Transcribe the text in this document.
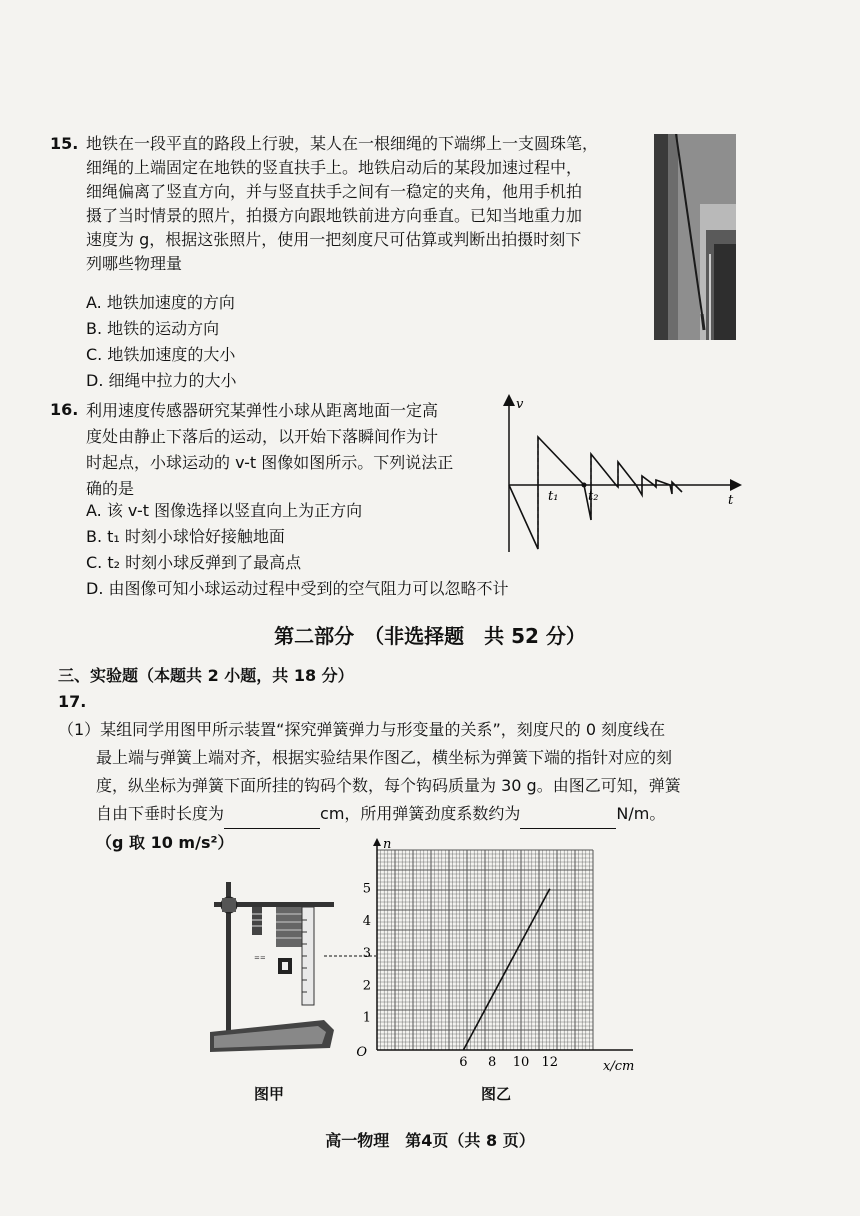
15. 地铁在一段平直的路段上行驶，某人在一根细绳的下端绑上一支圆珠笔，
细绳的上端固定在地铁的竖直扶手上。地铁启动后的某段加速过程中，
细绳偏离了竖直方向，并与竖直扶手之间有一稳定的夹角，他用手机拍
摄了当时情景的照片，拍摄方向跟地铁前进方向垂直。已知当地重力加
速度为 g，根据这张照片，使用一把刻度尺可估算或判断出拍摄时刻下
列哪些物理量
A. 地铁加速度的方向
B. 地铁的运动方向
C. 地铁加速度的大小
D. 细绳中拉力的大小
16. 利用速度传感器研究某弹性小球从距离地面一定高
度处由静止下落后的运动，以开始下落瞬间作为计
时起点，小球运动的 v-t 图像如图所示。下列说法正
确的是
A. 该 v-t 图像选择以竖直向上为正方向
B. t₁ 时刻小球恰好接触地面
C. t₂ 时刻小球反弹到了最高点
D. 由图像可知小球运动过程中受到的空气阻力可以忽略不计
v
t
t₁ t₂
第二部分　（非选择题　共 52 分）
三、实验题（本题共 2 小题，共 18 分）
17.
（1）某组同学用图甲所示装置“探究弹簧弹力与形变量的关系”，刻度尺的 0 刻度线在
最上端与弹簧上端对齐，根据实验结果作图乙，横坐标为弹簧下端的指针对应的刻
度，纵坐标为弹簧下面所挂的钩码个数，每个钩码质量为 30 g。由图乙可知，弹簧
自由下垂时长度为	cm，所用弹簧劲度系数约为	N/m。
（g 取 10 m/s²）
==
1
2
3
4
5
6 8 10 12
O
n
x/cm
图甲	图乙
高一物理　第4页（共 8 页）
